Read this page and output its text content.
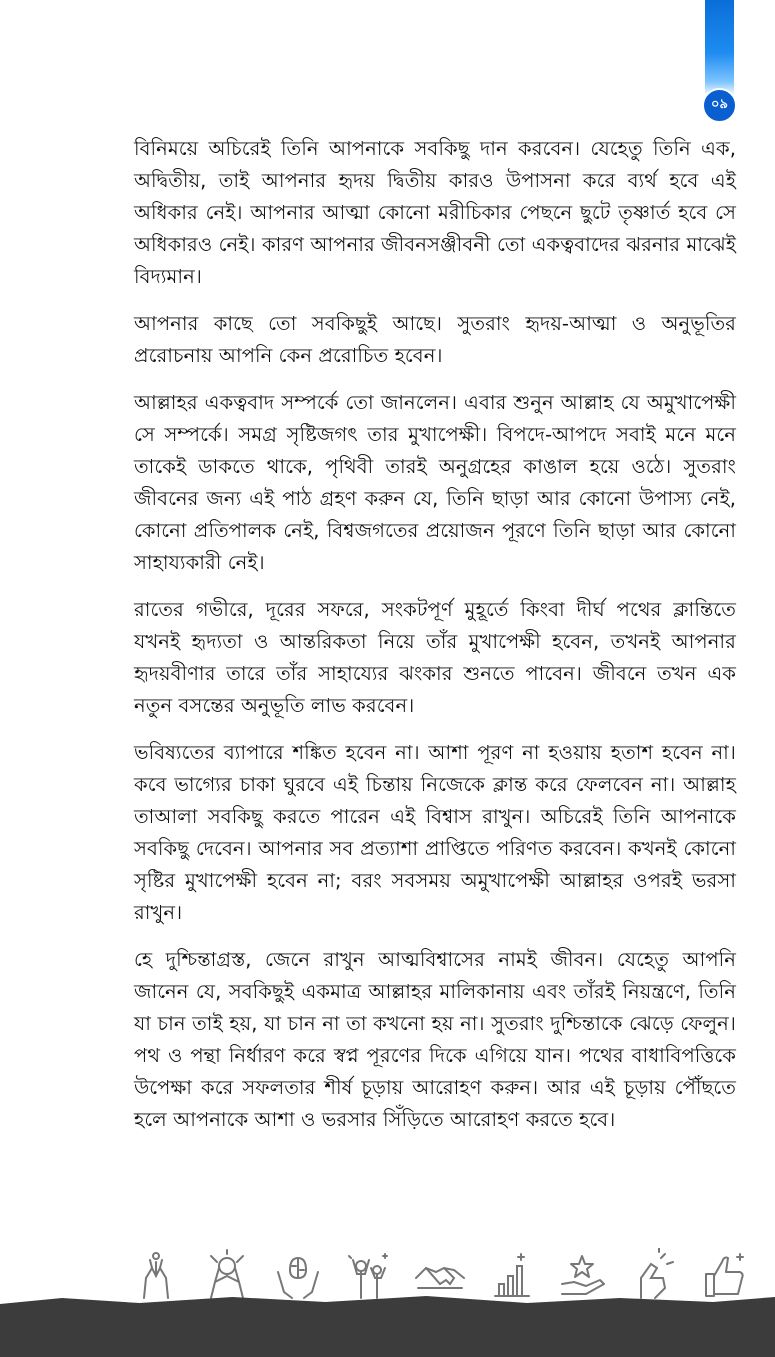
০৯

বিনিময়ে অচিরেই তিনি আপনাকে সবকিছু দান করবেন। যেহেতু তিনি এক, অদ্বিতীয়, তাই আপনার হৃদয় দ্বিতীয় কারও উপাসনা করে ব্যর্থ হবে এই অধিকার নেই। আপনার আত্মা কোনো মরীচিকার পেছনে ছুটে তৃষ্ণার্ত হবে সে অধিকারও নেই। কারণ আপনার জীবনসঞ্জীবনী তো একত্ববাদের ঝরনার মাঝেই বিদ্যমান।

আপনার কাছে তো সবকিছুই আছে। সুতরাং হৃদয়-আত্মা ও অনুভূতির প্ররোচনায় আপনি কেন প্ররোচিত হবেন।

আল্লাহর একত্ববাদ সম্পর্কে তো জানলেন। এবার শুনুন আল্লাহ যে অমুখাপেক্ষী সে সম্পর্কে। সমগ্র সৃষ্টিজগৎ তার মুখাপেক্ষী। বিপদে-আপদে সবাই মনে মনে তাকেই ডাকতে থাকে, পৃথিবী তারই অনুগ্রহের কাঙাল হয়ে ওঠে। সুতরাং জীবনের জন্য এই পাঠ গ্রহণ করুন যে, তিনি ছাড়া আর কোনো উপাস্য নেই, কোনো প্রতিপালক নেই, বিশ্বজগতের প্রয়োজন পূরণে তিনি ছাড়া আর কোনো সাহায্যকারী নেই।

রাতের গভীরে, দূরের সফরে, সংকটপূর্ণ মুহূর্তে কিংবা দীর্ঘ পথের ক্লান্তিতে যখনই হৃদ্যতা ও আন্তরিকতা নিয়ে তাঁর মুখাপেক্ষী হবেন, তখনই আপনার হৃদয়বীণার তারে তাঁর সাহায্যের ঝংকার শুনতে পাবেন। জীবনে তখন এক নতুন বসন্তের অনুভূতি লাভ করবেন।

ভবিষ্যতের ব্যাপারে শঙ্কিত হবেন না। আশা পূরণ না হওয়ায় হতাশ হবেন না। কবে ভাগ্যের চাকা ঘুরবে এই চিন্তায় নিজেকে ক্লান্ত করে ফেলবেন না। আল্লাহ তাআলা সবকিছু করতে পারেন এই বিশ্বাস রাখুন। অচিরেই তিনি আপনাকে সবকিছু দেবেন। আপনার সব প্রত্যাশা প্রাপ্তিতে পরিণত করবেন। কখনই কোনো সৃষ্টির মুখাপেক্ষী হবেন না; বরং সবসময় অমুখাপেক্ষী আল্লাহর ওপরই ভরসা রাখুন।

হে দুশ্চিন্তাগ্রস্ত, জেনে রাখুন আত্মবিশ্বাসের নামই জীবন। যেহেতু আপনি জানেন যে, সবকিছুই একমাত্র আল্লাহর মালিকানায় এবং তাঁরই নিয়ন্ত্রণে, তিনি যা চান তাই হয়, যা চান না তা কখনো হয় না। সুতরাং দুশ্চিন্তাকে ঝেড়ে ফেলুন। পথ ও পন্থা নির্ধারণ করে স্বপ্ন পূরণের দিকে এগিয়ে যান। পথের বাধাবিপত্তিকে উপেক্ষা করে সফলতার শীর্ষ চূড়ায় আরোহণ করুন। আর এই চূড়ায় পৌঁছতে হলে আপনাকে আশা ও ভরসার সিঁড়িতে আরোহণ করতে হবে।
